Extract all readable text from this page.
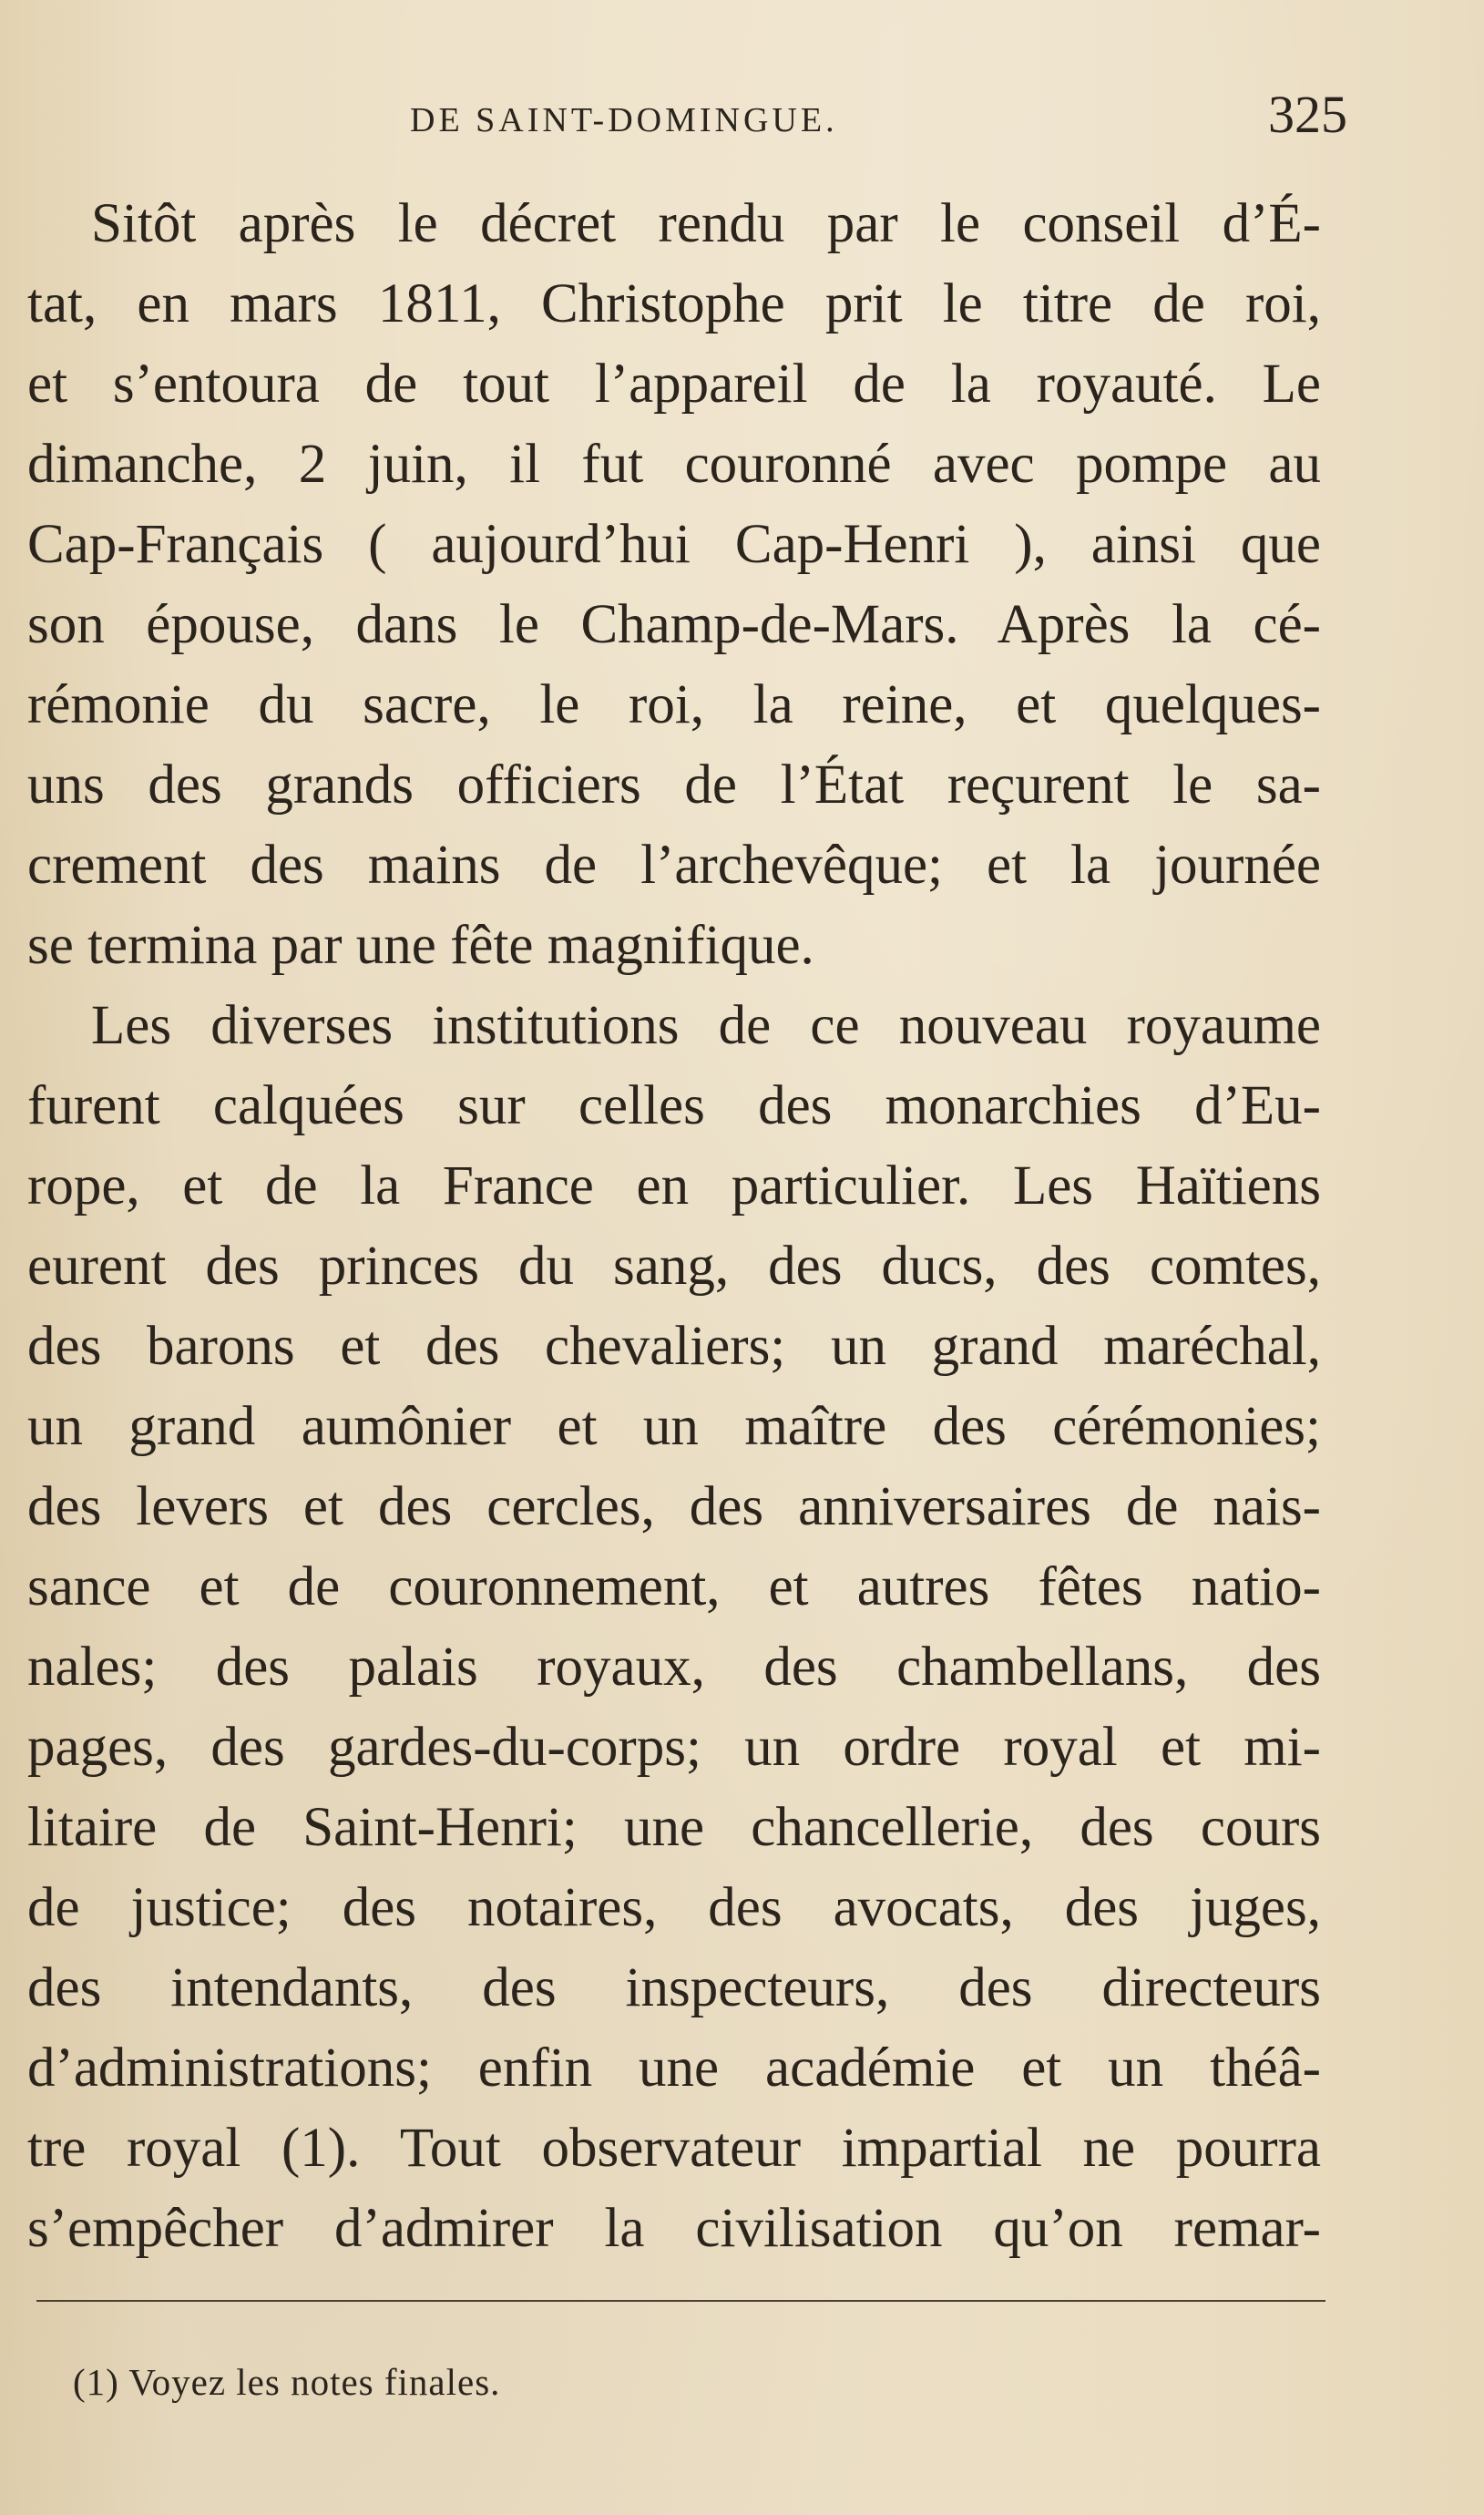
DE SAINT-DOMINGUE.	325
Sitôt après le décret rendu par le conseil d’É-
tat, en mars 1811, Christophe prit le titre de roi,
et s’entoura de tout l’appareil de la royauté. Le
dimanche, 2 juin, il fut couronné avec pompe au
Cap-Français ( aujourd’hui Cap-Henri ), ainsi que
son épouse, dans le Champ-de-Mars. Après la cé-
rémonie du sacre, le roi, la reine, et quelques-
uns des grands officiers de l’État reçurent le sa-
crement des mains de l’archevêque; et la journée
se termina par une fête magnifique.
Les diverses institutions de ce nouveau royaume
furent calquées sur celles des monarchies d’Eu-
rope, et de la France en particulier. Les Haïtiens
eurent des princes du sang, des ducs, des comtes,
des barons et des chevaliers; un grand maréchal,
un grand aumônier et un maître des cérémonies;
des levers et des cercles, des anniversaires de nais-
sance et de couronnement, et autres fêtes natio-
nales; des palais royaux, des chambellans, des
pages, des gardes-du-corps; un ordre royal et mi-
litaire de Saint-Henri; une chancellerie, des cours
de justice; des notaires, des avocats, des juges,
des intendants, des inspecteurs, des directeurs
d’administrations; enfin une académie et un théâ-
tre royal (1). Tout observateur impartial ne pourra
s’empêcher d’admirer la civilisation qu’on remar-
(1) Voyez les notes finales.
